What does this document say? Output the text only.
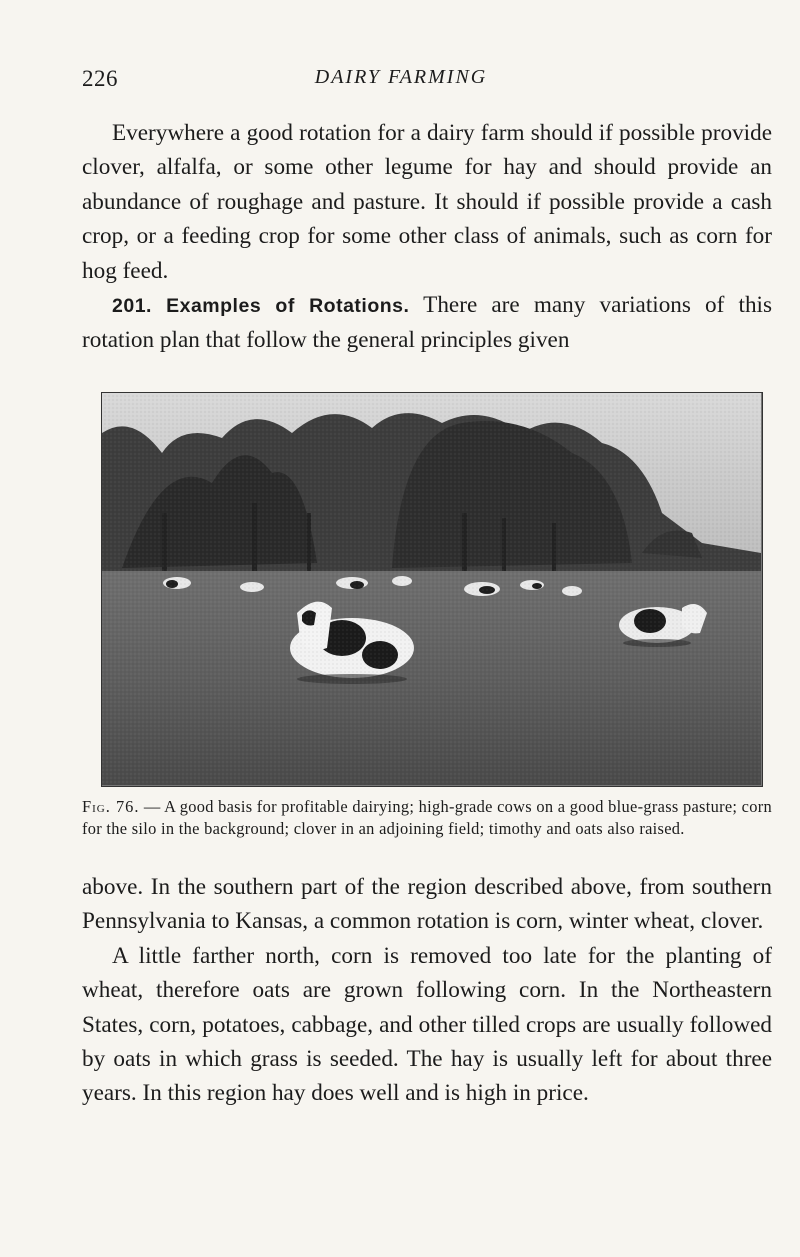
226	DAIRY FARMING

Everywhere a good rotation for a dairy farm should if possible provide clover, alfalfa, or some other legume for hay and should provide an abundance of roughage and pasture. It should if possible provide a cash crop, or a feeding crop for some other class of animals, such as corn for hog feed.

201. Examples of Rotations. There are many variations of this rotation plan that follow the general principles given

Fig. 76. — A good basis for profitable dairying; high-grade cows on a good blue-grass pasture; corn for the silo in the background; clover in an adjoining field; timothy and oats also raised.

above. In the southern part of the region described above, from southern Pennsylvania to Kansas, a common rotation is corn, winter wheat, clover.

A little farther north, corn is removed too late for the planting of wheat, therefore oats are grown following corn. In the Northeastern States, corn, potatoes, cabbage, and other tilled crops are usually followed by oats in which grass is seeded. The hay is usually left for about three years. In this region hay does well and is high in price.
